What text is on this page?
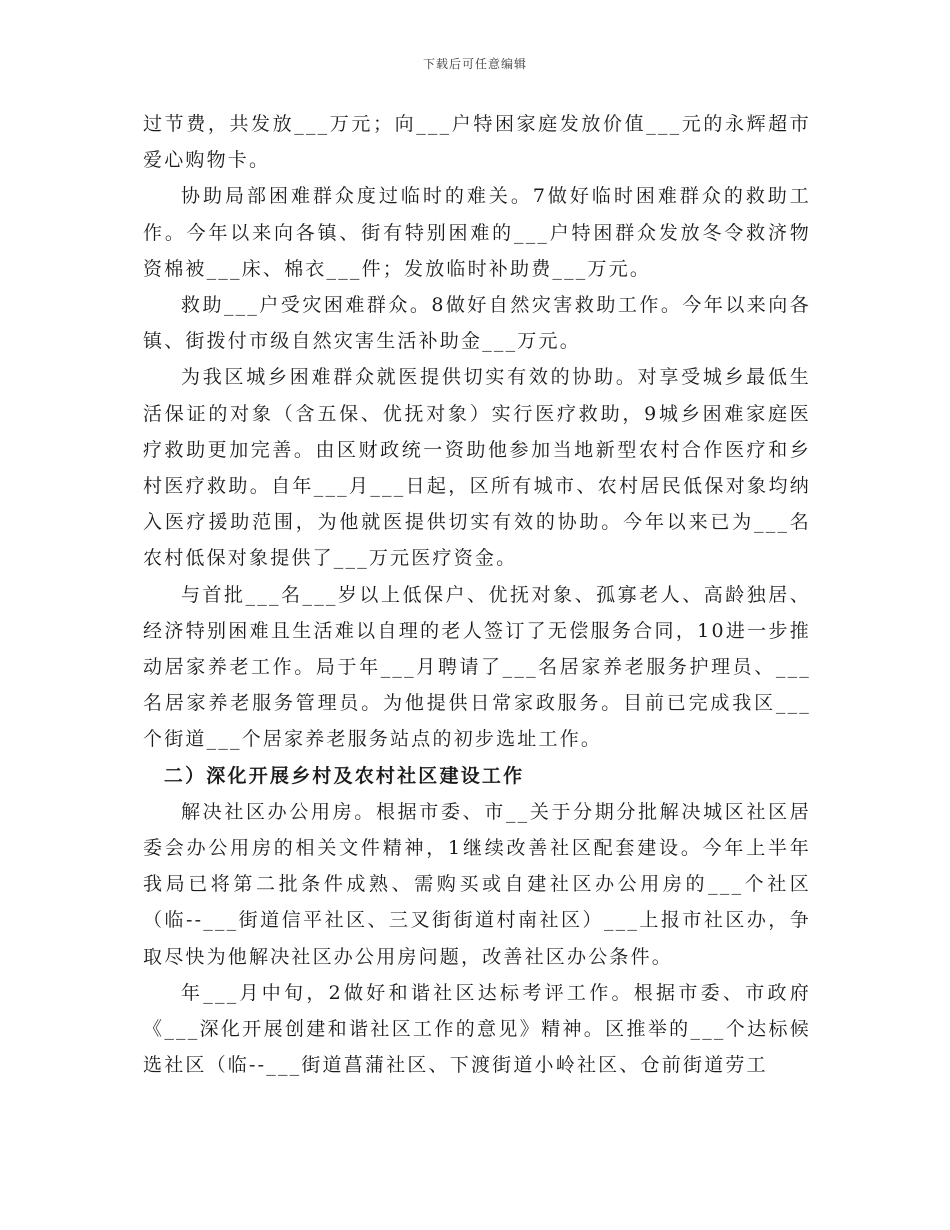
下载后可任意编辑

过节费，共发放___万元；向___户特困家庭发放价值___元的永辉超市爱心购物卡。

协助局部困难群众度过临时的难关。7做好临时困难群众的救助工作。今年以来向各镇、街有特别困难的___户特困群众发放冬令救济物资棉被___床、棉衣___件；发放临时补助费___万元。

救助___户受灾困难群众。8做好自然灾害救助工作。今年以来向各镇、街拨付市级自然灾害生活补助金___万元。

为我区城乡困难群众就医提供切实有效的协助。对享受城乡最低生活保证的对象（含五保、优抚对象）实行医疗救助，9城乡困难家庭医疗救助更加完善。由区财政统一资助他参加当地新型农村合作医疗和乡村医疗救助。自年___月___日起，区所有城市、农村居民低保对象均纳入医疗援助范围，为他就医提供切实有效的协助。今年以来已为___名农村低保对象提供了___万元医疗资金。

与首批___名___岁以上低保户、优抚对象、孤寡老人、高龄独居、经济特别困难且生活难以自理的老人签订了无偿服务合同，10进一步推动居家养老工作。局于年___月聘请了___名居家养老服务护理员、___名居家养老服务管理员。为他提供日常家政服务。目前已完成我区___个街道___个居家养老服务站点的初步选址工作。

二）深化开展乡村及农村社区建设工作

解决社区办公用房。根据市委、市__关于分期分批解决城区社区居委会办公用房的相关文件精神，1继续改善社区配套建设。今年上半年我局已将第二批条件成熟、需购买或自建社区办公用房的___个社区（临--___街道信平社区、三叉街街道村南社区）___上报市社区办，争取尽快为他解决社区办公用房问题，改善社区办公条件。

年___月中旬，2做好和谐社区达标考评工作。根据市委、市政府《___深化开展创建和谐社区工作的意见》精神。区推举的___个达标候选社区（临--___街道菖蒲社区、下渡街道小岭社区、仓前街道劳工
